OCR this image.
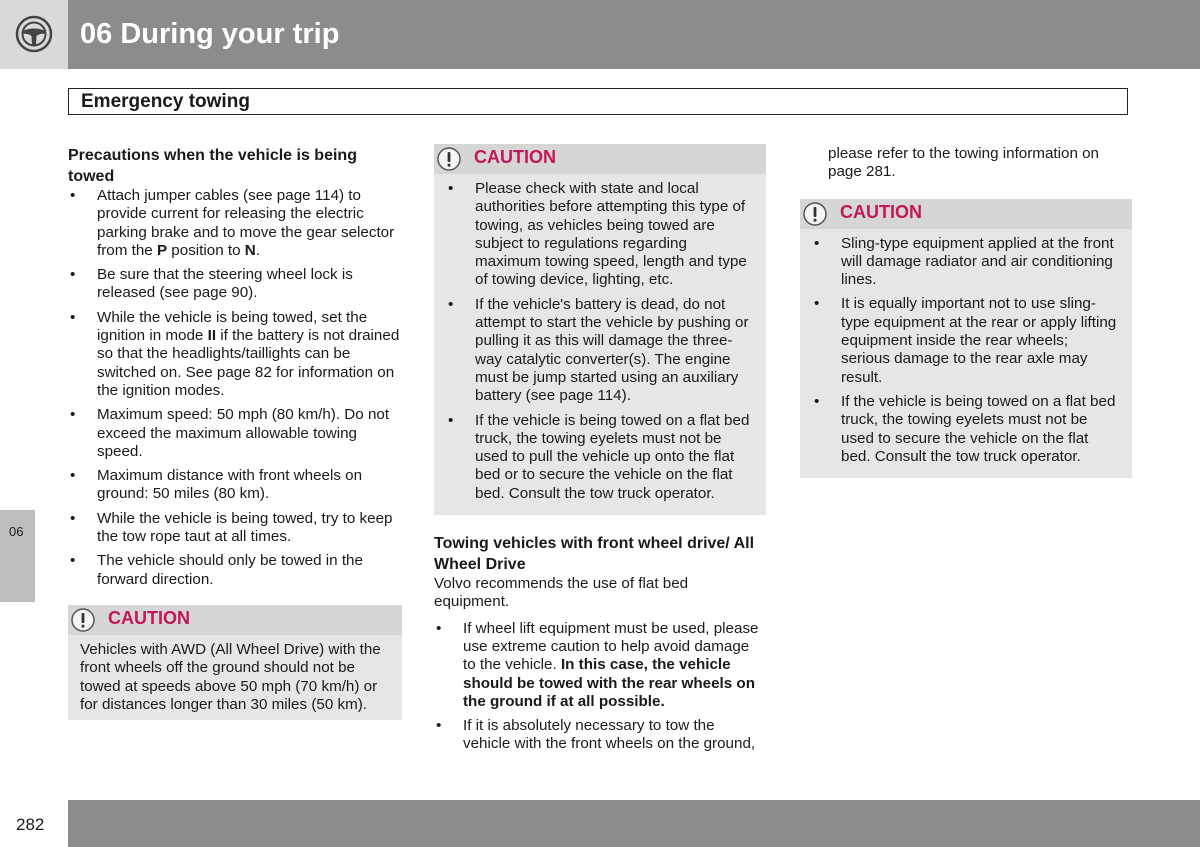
06 During your trip
Emergency towing
Precautions when the vehicle is being towed
• Attach jumper cables (see page 114) to provide current for releasing the electric parking brake and to move the gear selector from the P position to N.
• Be sure that the steering wheel lock is released (see page 90).
• While the vehicle is being towed, set the ignition in mode II if the battery is not drained so that the headlights/taillights can be switched on. See page 82 for information on the ignition modes.
• Maximum speed: 50 mph (80 km/h). Do not exceed the maximum allowable towing speed.
• Maximum distance with front wheels on ground: 50 miles (80 km).
• While the vehicle is being towed, try to keep the tow rope taut at all times.
• The vehicle should only be towed in the forward direction.
CAUTION
Vehicles with AWD (All Wheel Drive) with the front wheels off the ground should not be towed at speeds above 50 mph (70 km/h) or for distances longer than 30 miles (50 km).
CAUTION
• Please check with state and local authorities before attempting this type of towing, as vehicles being towed are subject to regulations regarding maximum towing speed, length and type of towing device, lighting, etc.
• If the vehicle's battery is dead, do not attempt to start the vehicle by pushing or pulling it as this will damage the three-way catalytic converter(s). The engine must be jump started using an auxiliary battery (see page 114).
• If the vehicle is being towed on a flat bed truck, the towing eyelets must not be used to pull the vehicle up onto the flat bed or to secure the vehicle on the flat bed. Consult the tow truck operator.
Towing vehicles with front wheel drive/ All Wheel Drive

Volvo recommends the use of flat bed equipment.

• If wheel lift equipment must be used, please use extreme caution to help avoid damage to the vehicle. In this case, the vehicle should be towed with the rear wheels on the ground if at all possible.
• If it is absolutely necessary to tow the vehicle with the front wheels on the ground,

please refer to the towing information on page 281.

CAUTION
• Sling-type equipment applied at the front will damage radiator and air conditioning lines.
• It is equally important not to use sling-type equipment at the rear or apply lifting equipment inside the rear wheels; serious damage to the rear axle may result.
• If the vehicle is being towed on a flat bed truck, the towing eyelets must not be used to secure the vehicle on the flat bed. Consult the tow truck operator.
06
282
